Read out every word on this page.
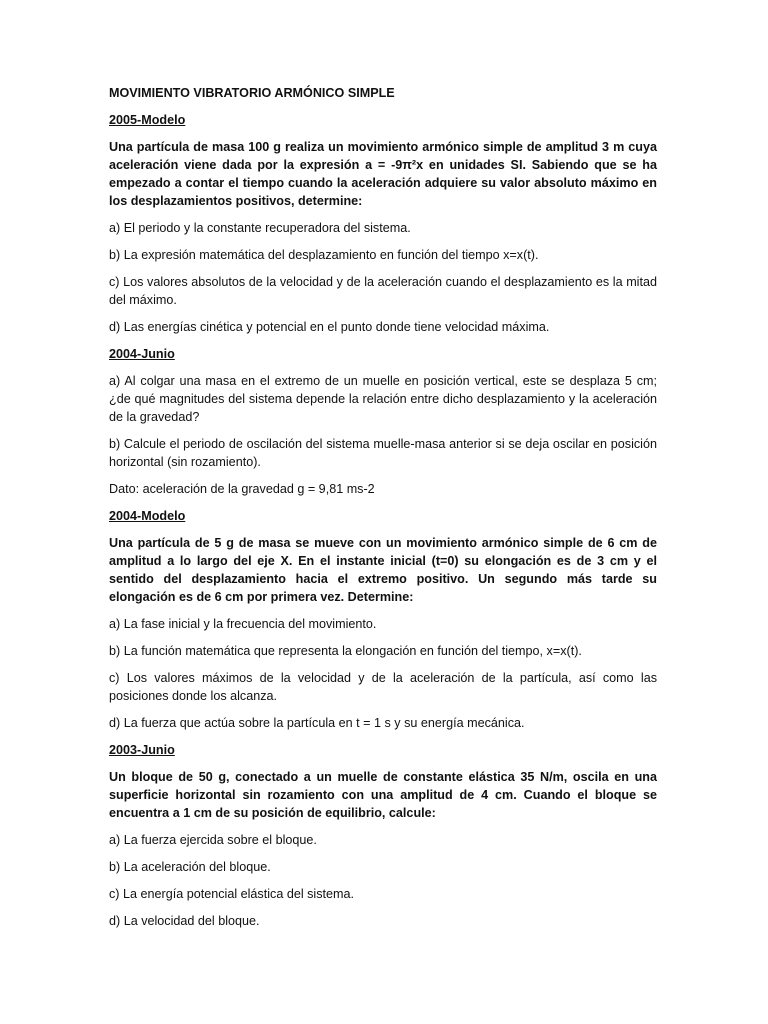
MOVIMIENTO VIBRATORIO ARMÓNICO SIMPLE

2005-Modelo

Una partícula de masa 100 g realiza un movimiento armónico simple de amplitud 3 m cuya aceleración viene dada por la expresión a = -9π²x en unidades SI. Sabiendo que se ha empezado a contar el tiempo cuando la aceleración adquiere su valor absoluto máximo en los desplazamientos positivos, determine:

a) El periodo y la constante recuperadora del sistema.

b) La expresión matemática del desplazamiento en función del tiempo x=x(t).

c) Los valores absolutos de la velocidad y de la aceleración cuando el desplazamiento es la mitad del máximo.

d) Las energías cinética y potencial en el punto donde tiene velocidad máxima.

2004-Junio

a) Al colgar una masa en el extremo de un muelle en posición vertical, este se desplaza 5 cm; ¿de qué magnitudes del sistema depende la relación entre dicho desplazamiento y la aceleración de la gravedad?

b) Calcule el periodo de oscilación del sistema muelle-masa anterior si se deja oscilar en posición horizontal (sin rozamiento).

Dato: aceleración de la gravedad g = 9,81 ms-2

2004-Modelo

Una partícula de 5 g de masa se mueve con un movimiento armónico simple de 6 cm de amplitud a lo largo del eje X. En el instante inicial (t=0) su elongación es de 3 cm y el sentido del desplazamiento hacia el extremo positivo. Un segundo más tarde su elongación es de 6 cm por primera vez. Determine:

a) La fase inicial y la frecuencia del movimiento.

b) La función matemática que representa la elongación en función del tiempo, x=x(t).

c) Los valores máximos de la velocidad y de la aceleración de la partícula, así como las posiciones donde los alcanza.

d) La fuerza que actúa sobre la partícula en t = 1 s y su energía mecánica.

2003-Junio

Un bloque de 50 g, conectado a un muelle de constante elástica 35 N/m, oscila en una superficie horizontal sin rozamiento con una amplitud de 4 cm. Cuando el bloque se encuentra a 1 cm de su posición de equilibrio, calcule:

a) La fuerza ejercida sobre el bloque.

b) La aceleración del bloque.

c) La energía potencial elástica del sistema.

d) La velocidad del bloque.
